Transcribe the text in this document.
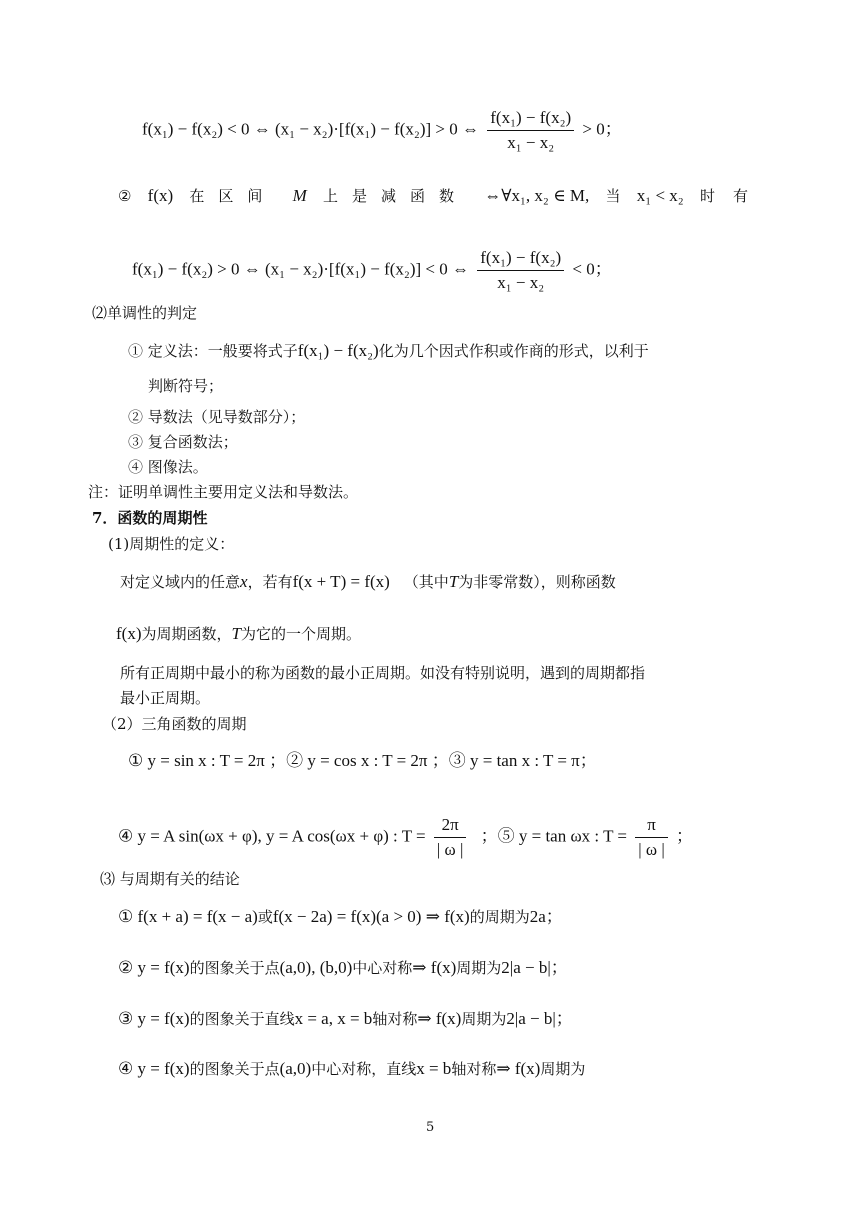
f(x₁) − f(x₂) < 0 ⇔ (x₁ − x₂)·[f(x₁) − f(x₂)] > 0 ⇔ $\frac{\text{f(x₁) − f(x₂)}}{\text{x₁ − x₂}} > 0$；
② f(x) 在区间 M 上是减函数 ⇔∀x₁, x₂ ∈ M, 当 x₁ < x₂ 时有
f(x₁) − f(x₂) > 0 ⇔ (x₁ − x₂)·[f(x₁) − f(x₂)] < 0 ⇔ $\frac{\text{f(x₁) − f(x₂)}}{\text{x₁ − x₂}} < 0$；
⑵单调性的判定
① 定义法：一般要将式子f(x₁) − f(x₂)化为几个因式作积或作商的形式，以利于
判断符号；
② 导数法（见导数部分）；
③ 复合函数法；
④ 图像法。
注：证明单调性主要用定义法和导数法。
7．函数的周期性
(1)周期性的定义：
对定义域内的任意x，若有f(x + T) = f(x) （其中T为非零常数），则称函数
f(x)为周期函数，T为它的一个周期。
所有正周期中最小的称为函数的最小正周期。如没有特别说明，遇到的周期都指
最小正周期。
（2）三角函数的周期
① y = sin x : T = 2π ；② y = cos x : T = 2π ；③ y = tan x : T = π；
④ y = A sin(ωx + φ), y = A cos(ωx + φ) : $T = \frac{2\pi}{| \omega |}$ ；⑤ y = tan ωx : $T = \frac{\pi}{| \omega |}$ ；
⑶ 与周期有关的结论
① f(x + a) = f(x − a)或f(x − 2a) = f(x)(a > 0) ⇒ f(x)的周期为2a；
② y = f(x)的图象关于点(a,0), (b,0)中心对称⇒ f(x)周期为2|a − b|；
③ y = f(x)的图象关于直线x = a, x = b轴对称⇒ f(x)周期为2|a − b|；
④ y = f(x)的图象关于点(a,0)中心对称，直线x = b轴对称⇒ f(x)周期为
5
